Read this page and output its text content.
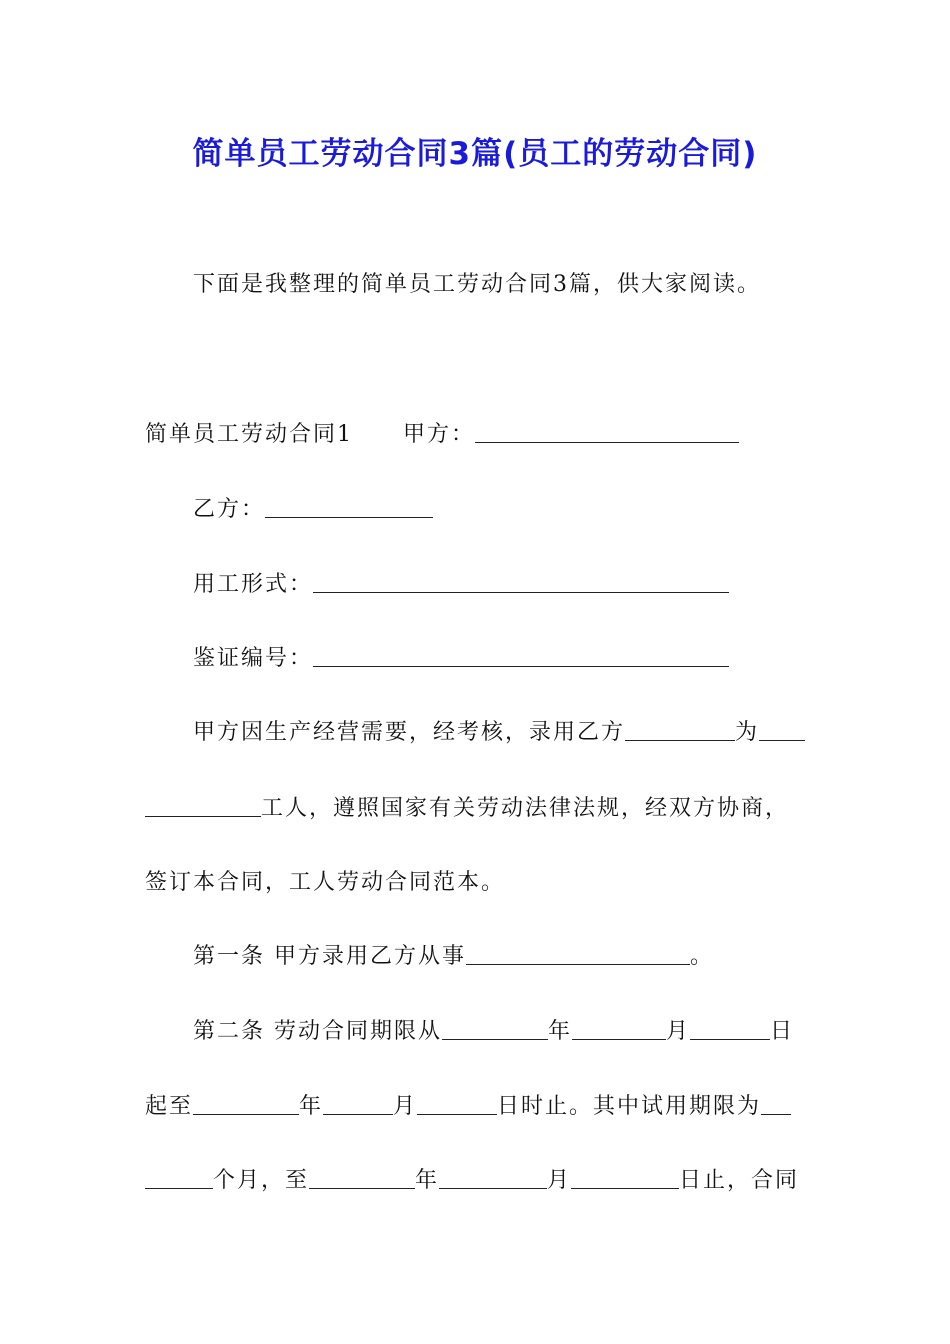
简单员工劳动合同3篇(员工的劳动合同)
下面是我整理的简单员工劳动合同3篇，供大家阅读。
简单员工劳动合同1 甲方：
乙方：
用工形式：
鉴证编号：
甲方因生产经营需要，经考核，录用乙方	为
工人，遵照国家有关劳动法律法规，经双方协商，
签订本合同，工人劳动合同范本。
第一条 甲方录用乙方从事	。
第二条 劳动合同期限从	年	月	日
起至	年	月	日时止。其中试用期限为
个月，至	年	月	日止，合同
